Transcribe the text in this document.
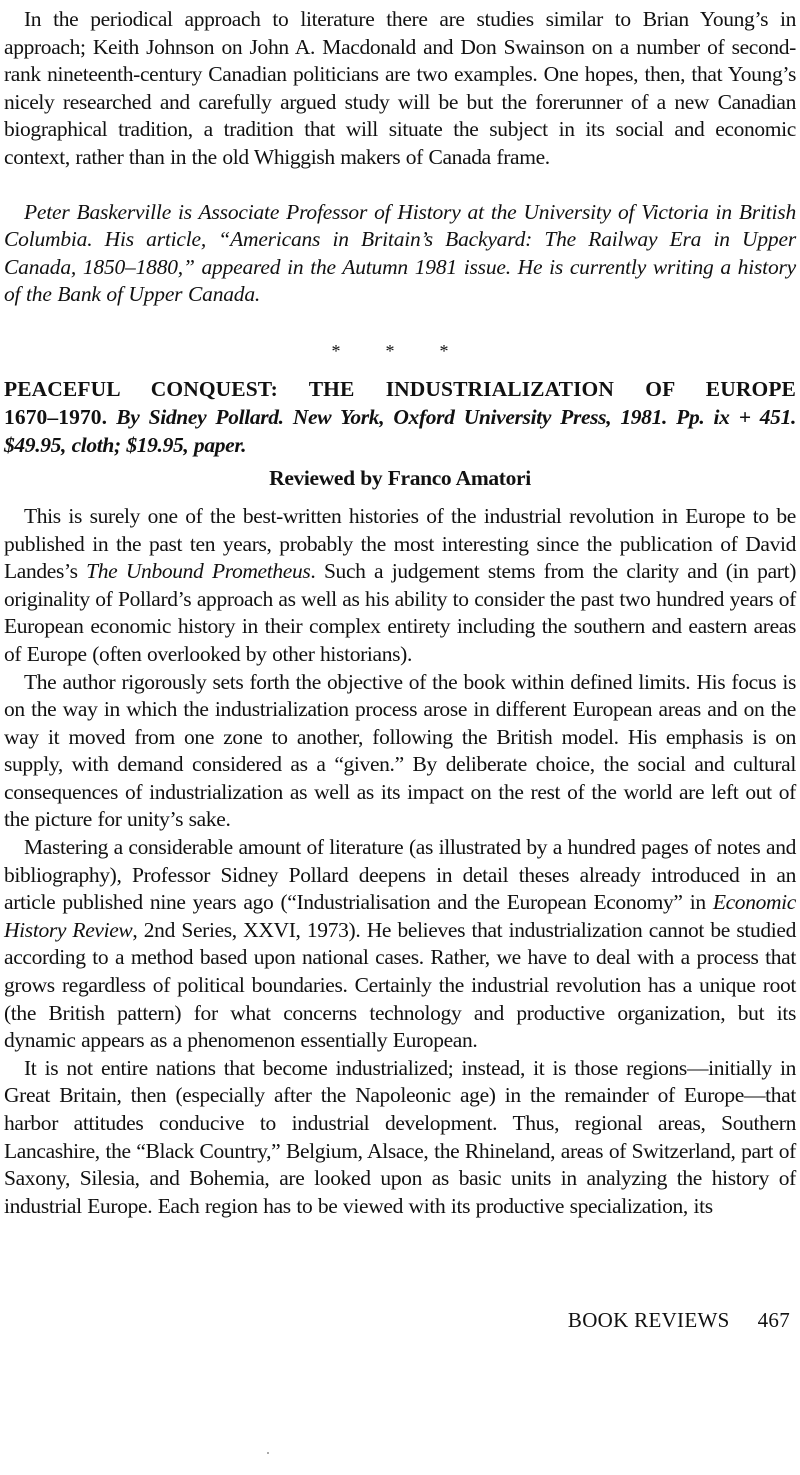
In the periodical approach to literature there are studies similar to Brian Young’s in approach; Keith Johnson on John A. Macdonald and Don Swainson on a number of second-rank nineteenth-century Canadian politicians are two examples. One hopes, then, that Young’s nicely researched and carefully argued study will be but the forerunner of a new Canadian biographical tradition, a tradition that will situate the subject in its social and economic context, rather than in the old Whiggish makers of Canada frame.

Peter Baskerville is Associate Professor of History at the University of Victoria in British Columbia. His article, “Americans in Britain’s Backyard: The Railway Era in Upper Canada, 1850–1880,” appeared in the Autumn 1981 issue. He is currently writing a history of the Bank of Upper Canada.

* * *

PEACEFUL CONQUEST: THE INDUSTRIALIZATION OF EUROPE 1670–1970. By Sidney Pollard. New York, Oxford University Press, 1981. Pp. ix + 451. $49.95, cloth; $19.95, paper.

Reviewed by Franco Amatori

This is surely one of the best-written histories of the industrial revolution in Europe to be published in the past ten years, probably the most interesting since the publication of David Landes’s The Unbound Prometheus. Such a judgement stems from the clarity and (in part) originality of Pollard’s approach as well as his ability to consider the past two hundred years of European economic history in their complex entirety including the southern and eastern areas of Europe (often overlooked by other historians).

The author rigorously sets forth the objective of the book within defined limits. His focus is on the way in which the industrialization process arose in different European areas and on the way it moved from one zone to another, following the British model. His emphasis is on supply, with demand considered as a “given.” By deliberate choice, the social and cultural consequences of industrialization as well as its impact on the rest of the world are left out of the picture for unity’s sake.

Mastering a considerable amount of literature (as illustrated by a hundred pages of notes and bibliography), Professor Sidney Pollard deepens in detail theses already introduced in an article published nine years ago (“Industrialisation and the European Economy” in Economic History Review, 2nd Series, XXVI, 1973). He believes that industrialization cannot be studied according to a method based upon national cases. Rather, we have to deal with a process that grows regardless of political boundaries. Certainly the industrial revolution has a unique root (the British pattern) for what concerns technology and productive organization, but its dynamic appears as a phenomenon essentially European.

It is not entire nations that become industrialized; instead, it is those regions—initially in Great Britain, then (especially after the Napoleonic age) in the remainder of Europe—that harbor attitudes conducive to industrial development. Thus, regional areas, Southern Lancashire, the “Black Country,” Belgium, Alsace, the Rhineland, areas of Switzerland, part of Saxony, Silesia, and Bohemia, are looked upon as basic units in analyzing the history of industrial Europe. Each region has to be viewed with its productive specialization, its

BOOK REVIEWS 467
